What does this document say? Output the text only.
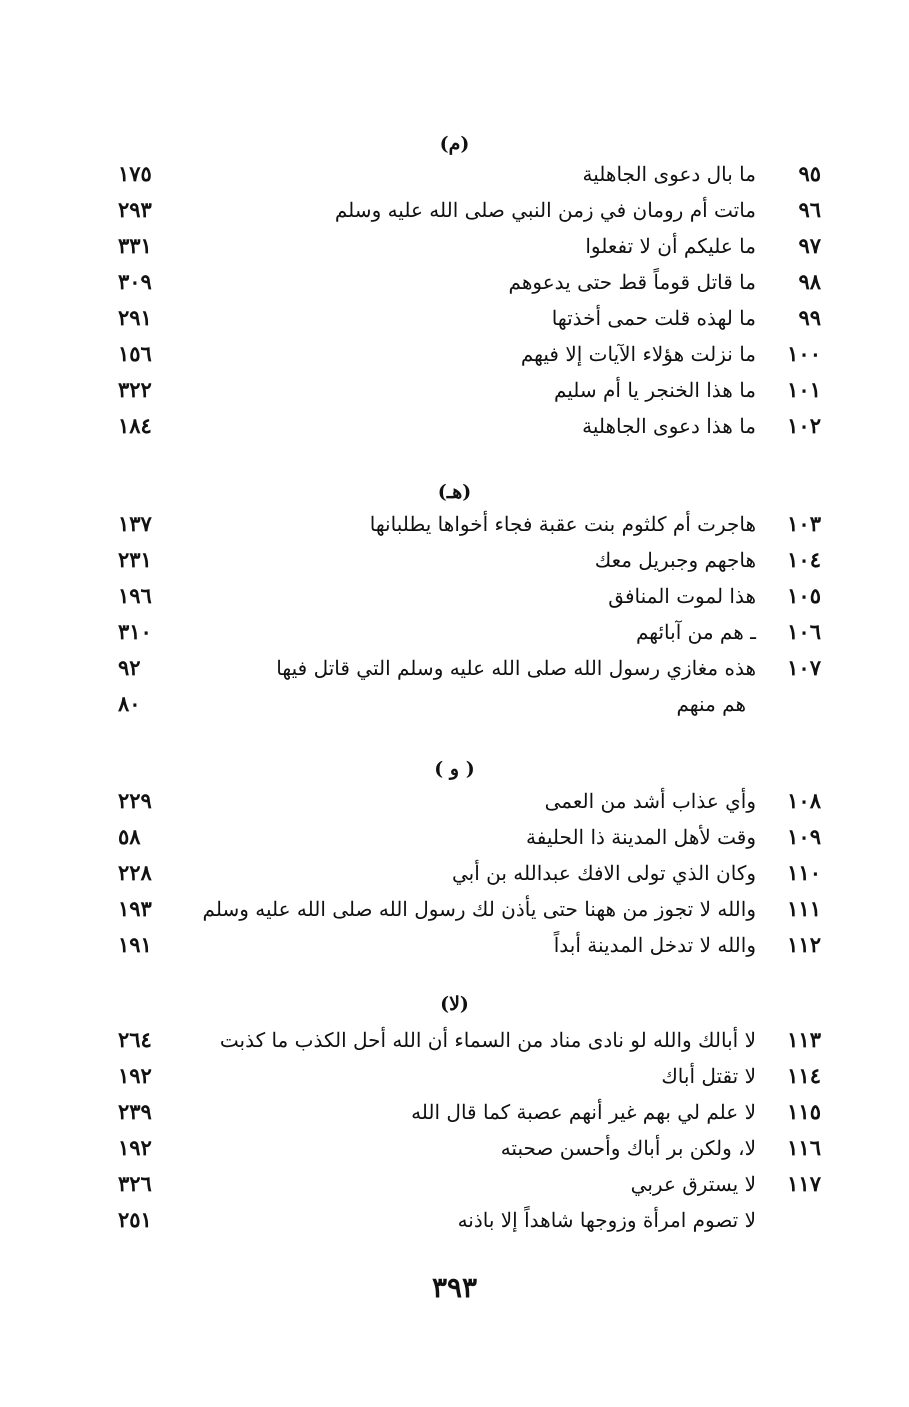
(م)
٩٥
ما بال دعوى الجاهلية
١٧٥
٩٦
ماتت أم رومان في زمن النبي صلى الله عليه وسلم
٢٩٣
٩٧
ما عليكم أن لا تفعلوا
٣٣١
٩٨
ما قاتل قوماً قط حتى يدعوهم
٣٠٩
٩٩
ما لهذه قلت حمى أخذتها
٢٩١
١٠٠
ما نزلت هؤلاء الآيات إلا فيهم
١٥٦
١٠١
ما هذا الخنجر يا أم سليم
٣٢٢
١٠٢
ما هذا دعوى الجاهلية
١٨٤
(هـ)
١٠٣
هاجرت أم كلثوم بنت عقبة فجاء أخواها يطلبانها
١٣٧
١٠٤
هاجهم وجبريل معك
٢٣١
١٠٥
هذا لموت المنافق
١٩٦
١٠٦
ـ هم من آبائهم
٣١٠
١٠٧
هذه مغازي رسول الله صلى الله عليه وسلم التي قاتل فيها
٩٢
هم منهم
٨٠
( و )
١٠٨
وأي عذاب أشد من العمى
٢٢٩
١٠٩
وقت لأهل المدينة ذا الحليفة
٥٨
١١٠
وكان الذي تولى الافك عبدالله بن أبي
٢٢٨
١١١
والله لا تجوز من ههنا حتى يأذن لك رسول الله صلى الله عليه وسلم
١٩٣
١١٢
والله لا تدخل المدينة أبداً
١٩١
(لا)
١١٣
لا أبالك والله لو نادى مناد من السماء أن الله أحل الكذب ما كذبت
٢٦٤
١١٤
لا تقتل أباك
١٩٢
١١٥
لا علم لي بهم غير أنهم عصبة كما قال الله
٢٣٩
١١٦
لا، ولكن بر أباك وأحسن صحبته
١٩٢
١١٧
لا يسترق عربي
٣٢٦
لا تصوم امرأة وزوجها شاهداً إلا باذنه
٢٥١
٣٩٣
